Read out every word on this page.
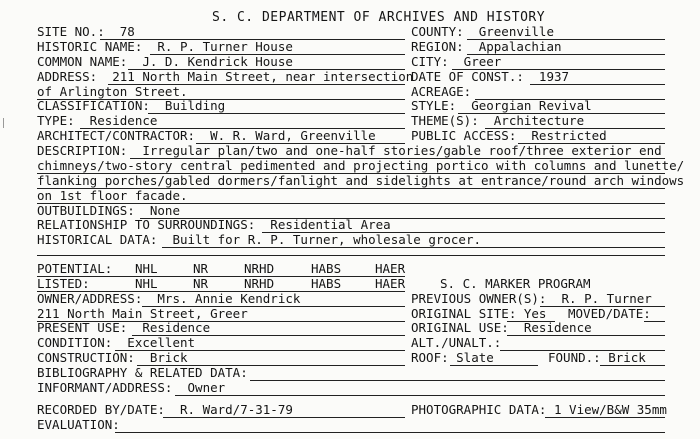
S. C. DEPARTMENT OF ARCHIVES AND HISTORY
SITE NO.:  78
HISTORIC NAME:  R. P. Turner House
COMMON NAME:  J. D. Kendrick House
ADDRESS:  211 North Main Street, near intersection
of Arlington Street.
CLASSIFICATION:  Building
TYPE:  Residence
ARCHITECT/CONTRACTOR:  W. R. Ward, Greenville
COUNTY:  Greenville
REGION:  Appalachian
CITY:  Greer
DATE OF CONST.:  1937
ACREAGE:
STYLE:  Georgian Revival
THEME(S):  Architecture
PUBLIC ACCESS:  Restricted
DESCRIPTION:  Irregular plan/two and one-half stories/gable roof/three exterior end
chimneys/two-story central pedimented and projecting portico with columns and lunette/
flanking porches/gabled dormers/fanlight and sidelights at entrance/round arch windows
on 1st floor facade.
OUTBUILDINGS:  None
RELATIONSHIP TO SURROUNDINGS:  Residential Area
HISTORICAL DATA:  Built for R. P. Turner, wholesale grocer.
POTENTIAL: NHL	NR	NRHD	HABS	HAER
LISTED:	NHL	NR	NRHD	HABS	HAER	S. C. MARKER PROGRAM
OWNER/ADDRESS:  Mrs. Annie Kendrick
211 North Main Street, Greer
PRESENT USE:  Residence
CONDITION:  Excellent
CONSTRUCTION:  Brick
BIBLIOGRAPHY & RELATED DATA:
INFORMANT/ADDRESS:  Owner
RECORDED BY/DATE:  R. Ward/7-31-79
EVALUATION:
PREVIOUS OWNER(S):  R. P. Turner
ORIGINAL SITE: Yes MOVED/DATE:
ORIGINAL USE:  Residence
ALT./UNALT.:
ROOF: Slate	FOUND.: Brick
PHOTOGRAPHIC DATA: 1 View/B&W 35mm
